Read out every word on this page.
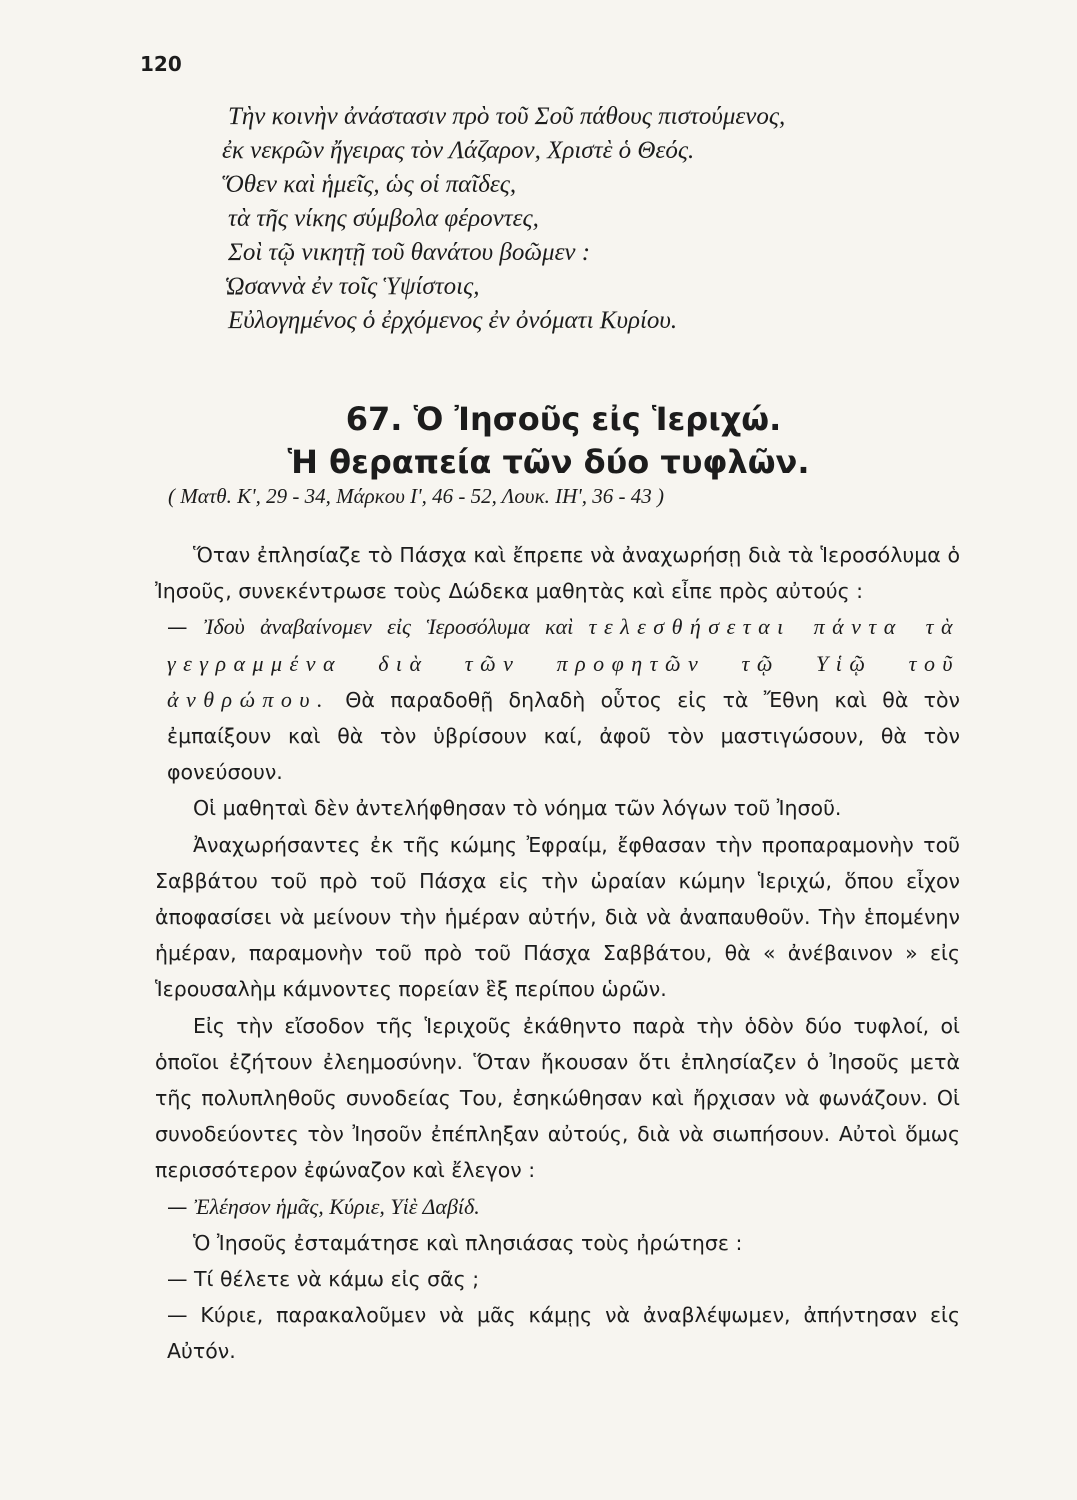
120
Τὴν κοινὴν ἀνάστασιν πρὸ τοῦ Σοῦ πάθους πιστούμενος,
ἐκ νεκρῶν ἤγειρας τὸν Λάζαρον, Χριστὲ ὁ Θεός.
Ὅθεν καὶ ἡμεῖς, ὡς οἱ παῖδες,
τὰ τῆς νίκης σύμβολα φέροντες,
Σοὶ τῷ νικητῇ τοῦ θανάτου βοῶμεν :
Ὡσαννὰ ἐν τοῖς Ὑψίστοις,
Εὐλογημένος ὁ ἐρχόμενος ἐν ὀνόματι Κυρίου.
67. Ὁ Ἰησοῦς εἰς Ἱεριχώ.
Ἡ θεραπεία τῶν δύο τυφλῶν.
( Ματθ. Κ', 29 - 34, Μάρκου Ι', 46 - 52, Λουκ. ΙΗ', 36 - 43 )

Ὅταν ἐπλησίαζε τὸ Πάσχα καὶ ἔπρεπε νὰ ἀναχωρήσῃ διὰ τὰ Ἱεροσόλυμα ὁ Ἰησοῦς, συνεκέντρωσε τοὺς Δώδεκα μαθητὰς καὶ εἶπε πρὸς αὐτούς :

— Ἰδοὺ ἀναβαίνομεν εἰς Ἱεροσόλυμα καὶ τελεσθήσεται πάντα τὰ γεγραμμένα διὰ τῶν προφητῶν τῷ Υἱῷ τοῦ ἀνθρώπου. Θὰ παραδοθῇ δηλαδὴ οὗτος εἰς τὰ Ἔθνη καὶ θὰ τὸν ἐμπαίξουν καὶ θὰ τὸν ὑβρίσουν καί, ἀφοῦ τὸν μαστιγώσουν, θὰ τὸν φονεύσουν.

Οἱ μαθηταὶ δὲν ἀντελήφθησαν τὸ νόημα τῶν λόγων τοῦ Ἰησοῦ.

Ἀναχωρήσαντες ἐκ τῆς κώμης Ἐφραίμ, ἔφθασαν τὴν προπαραμονὴν τοῦ Σαββάτου τοῦ πρὸ τοῦ Πάσχα εἰς τὴν ὡραίαν κώμην Ἱεριχώ, ὅπου εἶχον ἀποφασίσει νὰ μείνουν τὴν ἡμέραν αὐτήν, διὰ νὰ ἀναπαυθοῦν. Τὴν ἑπομένην ἡμέραν, παραμονὴν τοῦ πρὸ τοῦ Πάσχα Σαββάτου, θὰ « ἀνέβαινον » εἰς Ἱερουσαλὴμ κάμνοντες πορείαν ἓξ περίπου ὡρῶν.

Εἰς τὴν εἴσοδον τῆς Ἱεριχοῦς ἐκάθηντο παρὰ τὴν ὁδὸν δύο τυφλοί, οἱ ὁποῖοι ἐζήτουν ἐλεημοσύνην. Ὅταν ἤκουσαν ὅτι ἐπλησίαζεν ὁ Ἰησοῦς μετὰ τῆς πολυπληθοῦς συνοδείας Του, ἐσηκώθησαν καὶ ἤρχισαν νὰ φωνάζουν. Οἱ συνοδεύοντες τὸν Ἰησοῦν ἐπέπληξαν αὐτούς, διὰ νὰ σιωπήσουν. Αὐτοὶ ὅμως περισσότερον ἐφώναζον καὶ ἔλεγον :

— Ἐλέησον ἡμᾶς, Κύριε, Υἱὲ Δαβίδ.

Ὁ Ἰησοῦς ἐσταμάτησε καὶ πλησιάσας τοὺς ἠρώτησε :

— Τί θέλετε νὰ κάμω εἰς σᾶς ;

— Κύριε, παρακαλοῦμεν νὰ μᾶς κάμῃς νὰ ἀναβλέψωμεν, ἀπήντησαν εἰς Αὐτόν.
